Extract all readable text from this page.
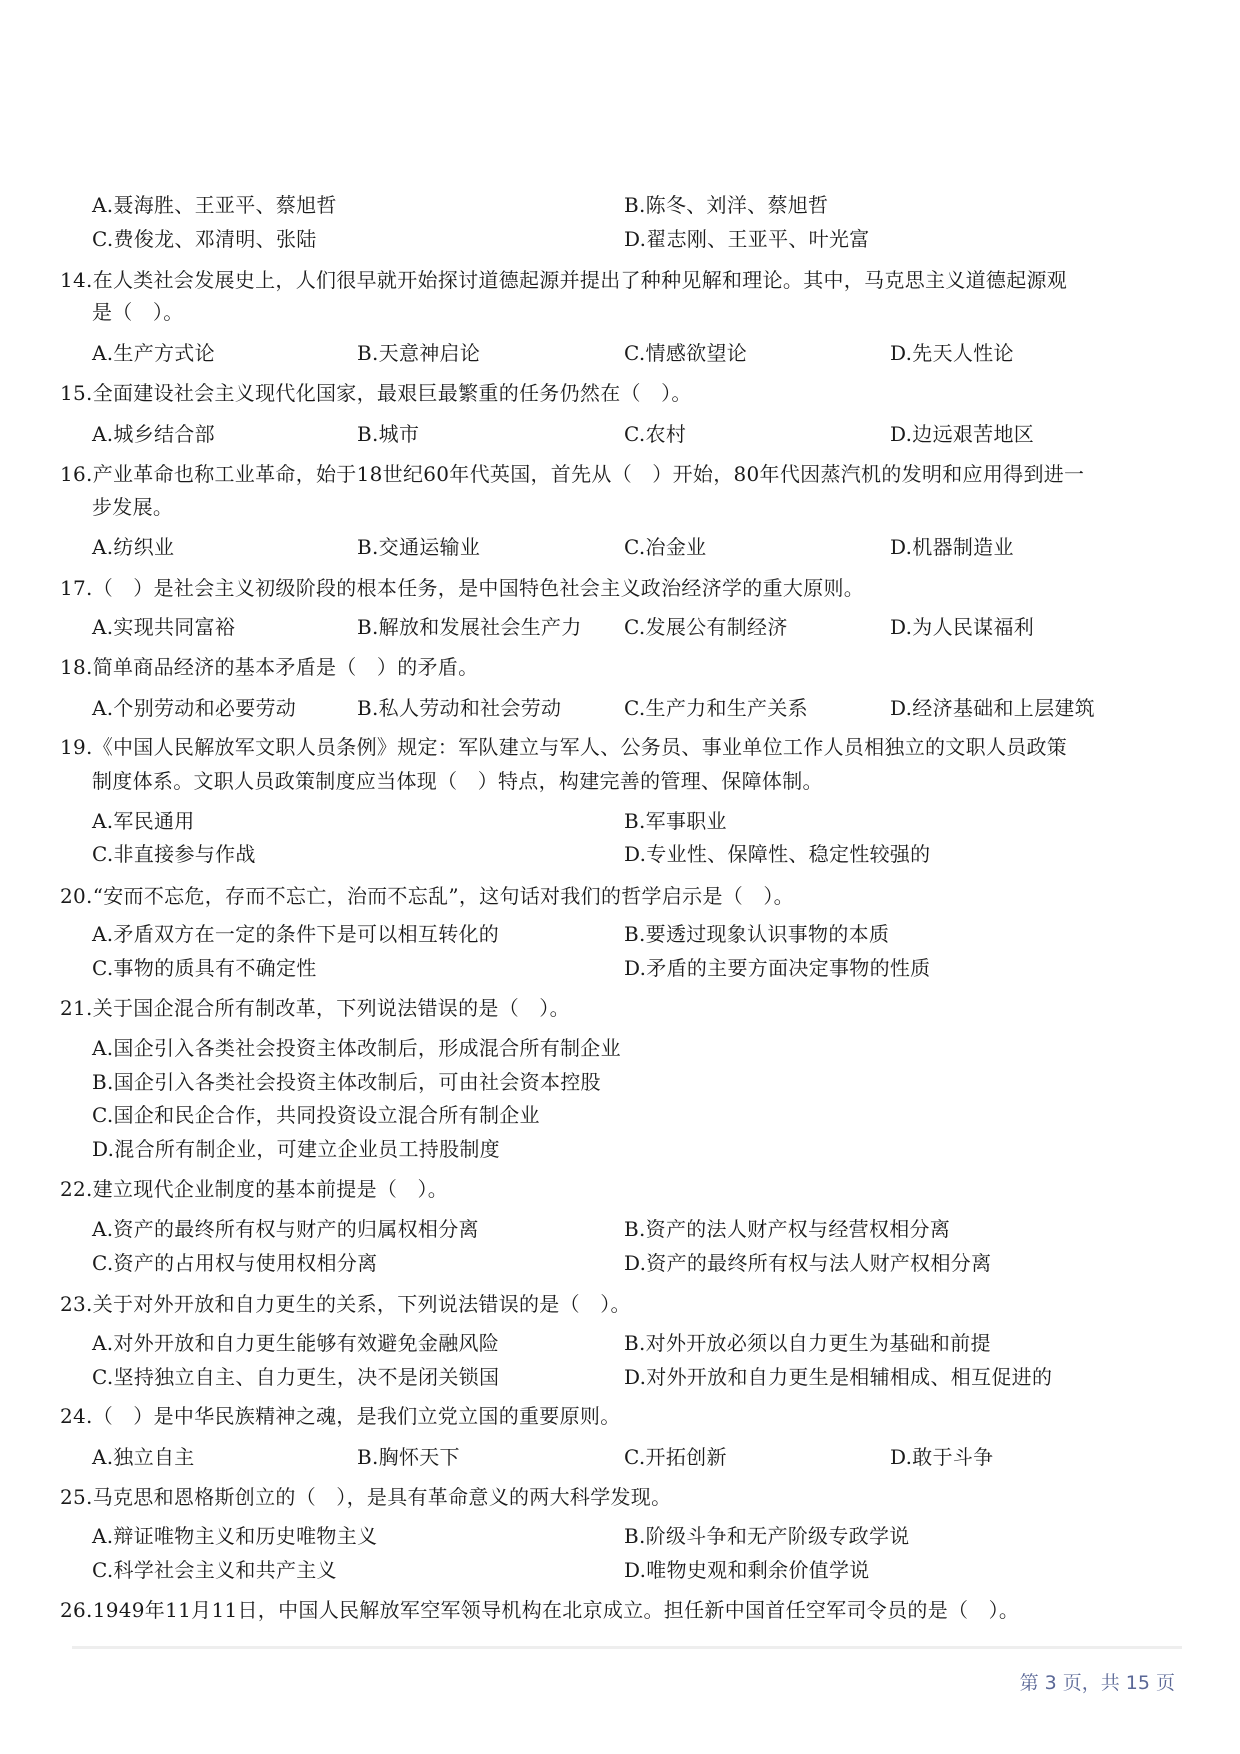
A.聂海胜、王亚平、蔡旭哲	B.陈冬、刘洋、蔡旭哲
C.费俊龙、邓清明、张陆	D.翟志刚、王亚平、叶光富
14.在人类社会发展史上，人们很早就开始探讨道德起源并提出了种种见解和理论。其中，马克思主义道德起源观
是（　）。
A.生产方式论	B.天意神启论	C.情感欲望论	D.先天人性论
15.全面建设社会主义现代化国家，最艰巨最繁重的任务仍然在（　）。
A.城乡结合部	B.城市	C.农村	D.边远艰苦地区
16.产业革命也称工业革命，始于18世纪60年代英国，首先从（　）开始，80年代因蒸汽机的发明和应用得到进一
步发展。
A.纺织业	B.交通运输业	C.冶金业	D.机器制造业
17.（　）是社会主义初级阶段的根本任务，是中国特色社会主义政治经济学的重大原则。
A.实现共同富裕	B.解放和发展社会生产力 C.发展公有制经济	D.为人民谋福利
18.简单商品经济的基本矛盾是（　）的矛盾。
A.个别劳动和必要劳动	B.私人劳动和社会劳动	C.生产力和生产关系	D.经济基础和上层建筑
19.《中国人民解放军文职人员条例》规定：军队建立与军人、公务员、事业单位工作人员相独立的文职人员政策
制度体系。文职人员政策制度应当体现（　）特点，构建完善的管理、保障体制。
A.军民通用	B.军事职业
C.非直接参与作战	D.专业性、保障性、稳定性较强的
20.“安而不忘危，存而不忘亡，治而不忘乱”，这句话对我们的哲学启示是（　）。
A.矛盾双方在一定的条件下是可以相互转化的	B.要透过现象认识事物的本质
C.事物的质具有不确定性	D.矛盾的主要方面决定事物的性质
21.关于国企混合所有制改革，下列说法错误的是（　）。
A.国企引入各类社会投资主体改制后，形成混合所有制企业
B.国企引入各类社会投资主体改制后，可由社会资本控股
C.国企和民企合作，共同投资设立混合所有制企业
D.混合所有制企业，可建立企业员工持股制度
22.建立现代企业制度的基本前提是（　）。
A.资产的最终所有权与财产的归属权相分离	B.资产的法人财产权与经营权相分离
C.资产的占用权与使用权相分离	D.资产的最终所有权与法人财产权相分离
23.关于对外开放和自力更生的关系，下列说法错误的是（　）。
A.对外开放和自力更生能够有效避免金融风险	B.对外开放必须以自力更生为基础和前提
C.坚持独立自主、自力更生，决不是闭关锁国	D.对外开放和自力更生是相辅相成、相互促进的
24.（　）是中华民族精神之魂，是我们立党立国的重要原则。
A.独立自主	B.胸怀天下	C.开拓创新	D.敢于斗争
25.马克思和恩格斯创立的（　），是具有革命意义的两大科学发现。
A.辩证唯物主义和历史唯物主义	B.阶级斗争和无产阶级专政学说
C.科学社会主义和共产主义	D.唯物史观和剩余价值学说
26.1949年11月11日，中国人民解放军空军领导机构在北京成立。担任新中国首任空军司令员的是（　）。
第 3 页，共 15 页
